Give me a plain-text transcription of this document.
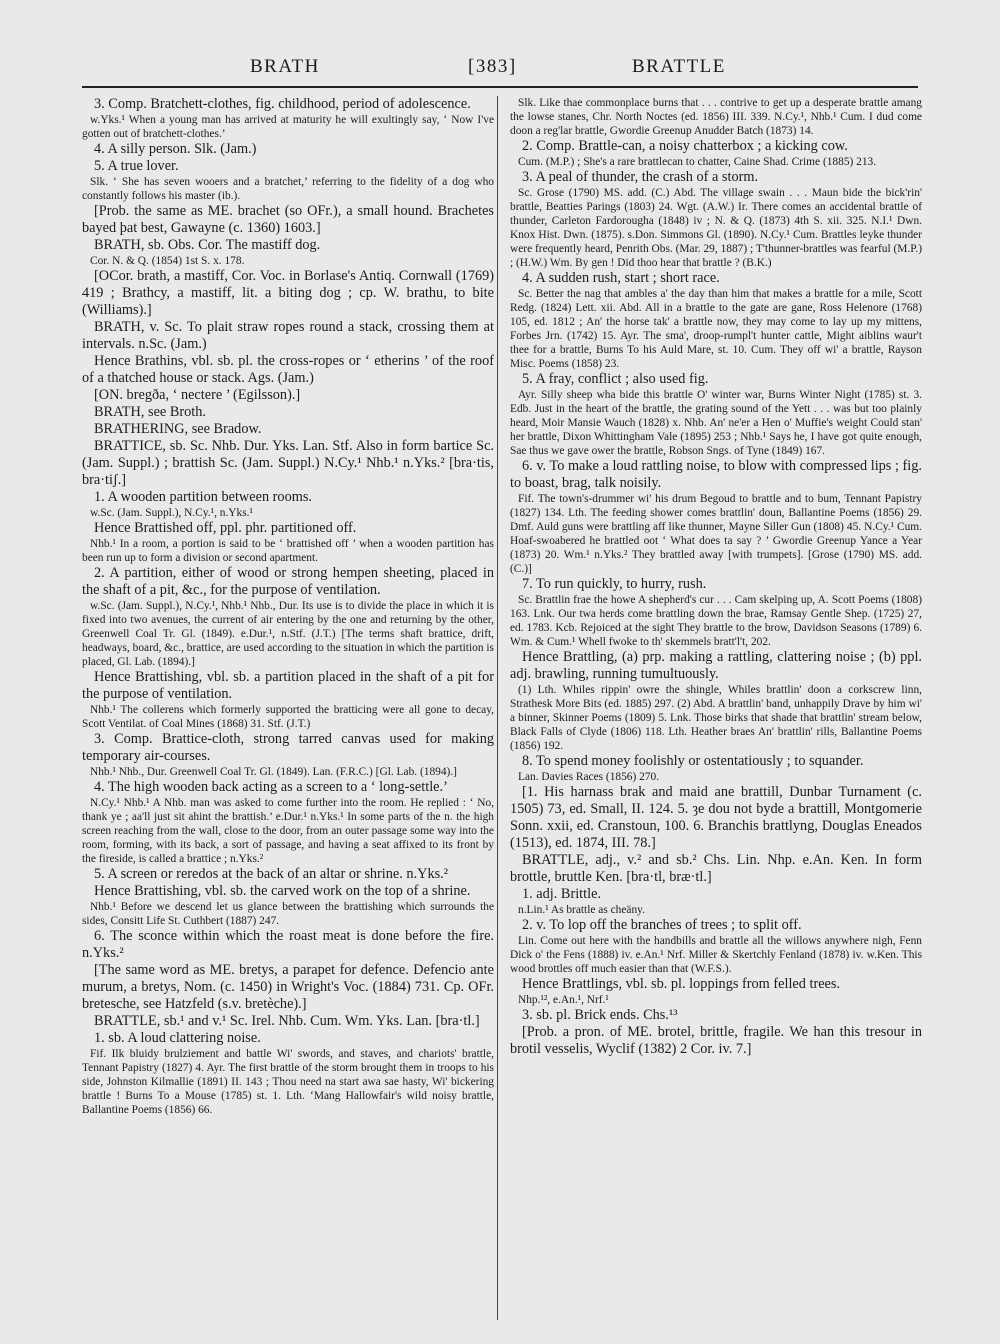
BRATH	[383]	BRATTLE

3. Comp. Bratchett-clothes, fig. childhood, period of adolescence.

w.Yks.¹ When a young man has arrived at maturity he will exultingly say, ‘ Now I've gotten out of bratchett-clothes.’

4. A silly person. Slk. (Jam.)

5. A true lover.

Slk. ‘ She has seven wooers and a bratchet,’ referring to the fidelity of a dog who constantly follows his master (ib.).

[Prob. the same as ME. brachet (so OFr.), a small hound. Brachetes bayed þat best, Gawayne (c. 1360) 1603.]

BRATH, sb. Obs. Cor. The mastiff dog.

Cor. N. & Q. (1854) 1st S. x. 178.

[OCor. brath, a mastiff, Cor. Voc. in Borlase's Antiq. Cornwall (1769) 419 ; Brathcy, a mastiff, lit. a biting dog ; cp. W. brathu, to bite (Williams).]

BRATH, v. Sc. To plait straw ropes round a stack, crossing them at intervals. n.Sc. (Jam.)

Hence Brathins, vbl. sb. pl. the cross-ropes or ‘ etherins ’ of the roof of a thatched house or stack. Ags. (Jam.)

[ON. bregða, ‘ nectere ’ (Egilsson).]

BRATH, see Broth.

BRATHERING, see Bradow.

BRATTICE, sb. Sc. Nhb. Dur. Yks. Lan. Stf. Also in form bartice Sc. (Jam. Suppl.) ; brattish Sc. (Jam. Suppl.) N.Cy.¹ Nhb.¹ n.Yks.² [bra·tis, bra·tiʃ.]

1. A wooden partition between rooms.

w.Sc. (Jam. Suppl.), N.Cy.¹, n.Yks.¹

Hence Brattished off, ppl. phr. partitioned off.

Nhb.¹ In a room, a portion is said to be ‘ brattished off ’ when a wooden partition has been run up to form a division or second apartment.

2. A partition, either of wood or strong hempen sheeting, placed in the shaft of a pit, &c., for the purpose of ventilation.

w.Sc. (Jam. Suppl.), N.Cy.¹, Nhb.¹ Nhb., Dur. Its use is to divide the place in which it is fixed into two avenues, the current of air entering by the one and returning by the other, Greenwell Coal Tr. Gl. (1849). e.Dur.¹, n.Stf. (J.T.) [The terms shaft brattice, drift, headways, board, &c., brattice, are used according to the situation in which the partition is placed, Gl. Lab. (1894).]

Hence Brattishing, vbl. sb. a partition placed in the shaft of a pit for the purpose of ventilation.

Nhb.¹ The collerens which formerly supported the bratticing were all gone to decay, Scott Ventilat. of Coal Mines (1868) 31. Stf. (J.T.)

3. Comp. Brattice-cloth, strong tarred canvas used for making temporary air-courses.

Nhb.¹ Nhb., Dur. Greenwell Coal Tr. Gl. (1849). Lan. (F.R.C.) [Gl. Lab. (1894).]

4. The high wooden back acting as a screen to a ‘ long-settle.’

N.Cy.¹ Nhb.¹ A Nhb. man was asked to come further into the room. He replied : ‘ No, thank ye ; aa'll just sit ahint the brattish.’ e.Dur.¹ n.Yks.¹ In some parts of the n. the high screen reaching from the wall, close to the door, from an outer passage some way into the room, forming, with its back, a sort of passage, and having a seat affixed to its front by the fireside, is called a brattice ; n.Yks.²

5. A screen or reredos at the back of an altar or shrine. n.Yks.²

Hence Brattishing, vbl. sb. the carved work on the top of a shrine.

Nhb.¹ Before we descend let us glance between the brattishing which surrounds the sides, Consitt Life St. Cuthbert (1887) 247.

6. The sconce within which the roast meat is done before the fire. n.Yks.²

[The same word as ME. bretys, a parapet for defence. Defencio ante murum, a bretys, Nom. (c. 1450) in Wright's Voc. (1884) 731. Cp. OFr. bretesche, see Hatzfeld (s.v. bretèche).]

BRATTLE, sb.¹ and v.¹ Sc. Irel. Nhb. Cum. Wm. Yks. Lan. [bra·tl.]

1. sb. A loud clattering noise.

Fif. Ilk bluidy brulziement and battle Wi' swords, and staves, and chariots' brattle, Tennant Papistry (1827) 4. Ayr. The first brattle of the storm brought them in troops to his side, Johnston Kilmallie (1891) II. 143 ; Thou need na start awa sae hasty, Wi' bickering brattle ! Burns To a Mouse (1785) st. 1. Lth. ‘Mang Hallowfair's wild noisy brattle, Ballantine Poems (1856) 66.

Slk. Like thae commonplace burns that . . . contrive to get up a desperate brattle amang the lowse stanes, Chr. North Noctes (ed. 1856) III. 339. N.Cy.¹, Nhb.¹ Cum. I dud come doon a reg'lar brattle, Gwordie Greenup Anudder Batch (1873) 14.

2. Comp. Brattle-can, a noisy chatterbox ; a kicking cow.

Cum. (M.P.) ; She's a rare brattlecan to chatter, Caine Shad. Crime (1885) 213.

3. A peal of thunder, the crash of a storm.

Sc. Grose (1790) MS. add. (C.) Abd. The village swain . . . Maun bide the bick'rin' brattle, Beatties Parings (1803) 24. Wgt. (A.W.) Ir. There comes an accidental brattle of thunder, Carleton Fardorougha (1848) iv ; N. & Q. (1873) 4th S. xii. 325. N.I.¹ Dwn. Knox Hist. Dwn. (1875). s.Don. Simmons Gl. (1890). N.Cy.¹ Cum. Brattles leyke thunder were frequently heard, Penrith Obs. (Mar. 29, 1887) ; T'thunner-brattles was fearful (M.P.) ; (H.W.) Wm. By gen ! Did thoo hear that brattle ? (B.K.)

4. A sudden rush, start ; short race.

Sc. Better the nag that ambles a' the day than him that makes a brattle for a mile, Scott Redg. (1824) Lett. xii. Abd. All in a brattle to the gate are gane, Ross Helenore (1768) 105, ed. 1812 ; An' the horse tak' a brattle now, they may come to lay up my mittens, Forbes Jrn. (1742) 15. Ayr. The sma', droop-rumpl't hunter cattle, Might aiblins waur't thee for a brattle, Burns To his Auld Mare, st. 10. Cum. They off wi' a brattle, Rayson Misc. Poems (1858) 23.

5. A fray, conflict ; also used fig.

Ayr. Silly sheep wha bide this brattle O' winter war, Burns Winter Night (1785) st. 3. Edb. Just in the heart of the brattle, the grating sound of the Yett . . . was but too plainly heard, Moir Mansie Wauch (1828) x. Nhb. An' ne'er a Hen o' Muffie's weight Could stan' her brattle, Dixon Whittingham Vale (1895) 253 ; Nhb.¹ Says he, I have got quite enough, Sae thus we gave ower the brattle, Robson Sngs. of Tyne (1849) 167.

6. v. To make a loud rattling noise, to blow with compressed lips ; fig. to boast, brag, talk noisily.

Fif. The town's-drummer wi' his drum Begoud to brattle and to bum, Tennant Papistry (1827) 134. Lth. The feeding shower comes brattlin' doun, Ballantine Poems (1856) 29. Dmf. Auld guns were brattling aff like thunner, Mayne Siller Gun (1808) 45. N.Cy.¹ Cum. Hoaf-swoabered he brattled oot ‘ What does ta say ? ’ Gwordie Greenup Yance a Year (1873) 20. Wm.¹ n.Yks.² They brattled away [with trumpets]. [Grose (1790) MS. add. (C.)]

7. To run quickly, to hurry, rush.

Sc. Brattlin frae the howe A shepherd's cur . . . Cam skelping up, A. Scott Poems (1808) 163. Lnk. Our twa herds come brattling down the brae, Ramsay Gentle Shep. (1725) 27, ed. 1783. Kcb. Rejoiced at the sight They brattle to the brow, Davidson Seasons (1789) 6. Wm. & Cum.¹ Whell fwoke to th' skemmels bratt'l't, 202.

Hence Brattling, (a) prp. making a rattling, clattering noise ; (b) ppl. adj. brawling, running tumultuously.

(1) Lth. Whiles rippin' owre the shingle, Whiles brattlin' doon a corkscrew linn, Strathesk More Bits (ed. 1885) 297. (2) Abd. A brattlin' band, unhappily Drave by him wi' a binner, Skinner Poems (1809) 5. Lnk. Those birks that shade that brattlin' stream below, Black Falls of Clyde (1806) 118. Lth. Heather braes An' brattlin' rills, Ballantine Poems (1856) 192.

8. To spend money foolishly or ostentatiously ; to squander.

Lan. Davies Races (1856) 270.

[1. His harnass brak and maid ane brattill, Dunbar Turnament (c. 1505) 73, ed. Small, II. 124. 5. ȝe dou not byde a brattill, Montgomerie Sonn. xxii, ed. Cranstoun, 100. 6. Branchis brattlyng, Douglas Eneados (1513), ed. 1874, III. 78.]

BRATTLE, adj., v.² and sb.² Chs. Lin. Nhp. e.An. Ken. In form brottle, bruttle Ken. [bra·tl, bræ·tl.]

1. adj. Brittle.

n.Lin.¹ As brattle as cheäny.

2. v. To lop off the branches of trees ; to split off.

Lin. Come out here with the handbills and brattle all the willows anywhere nigh, Fenn Dick o' the Fens (1888) iv. e.An.¹ Nrf. Miller & Skertchly Fenland (1878) iv. w.Ken. This wood brottles off much easier than that (W.F.S.).

Hence Brattlings, vbl. sb. pl. loppings from felled trees.

Nhp.¹², e.An.¹, Nrf.¹

3. sb. pl. Brick ends. Chs.¹³

[Prob. a pron. of ME. brotel, brittle, fragile. We han this tresour in brotil vesselis, Wyclif (1382) 2 Cor. iv. 7.]
